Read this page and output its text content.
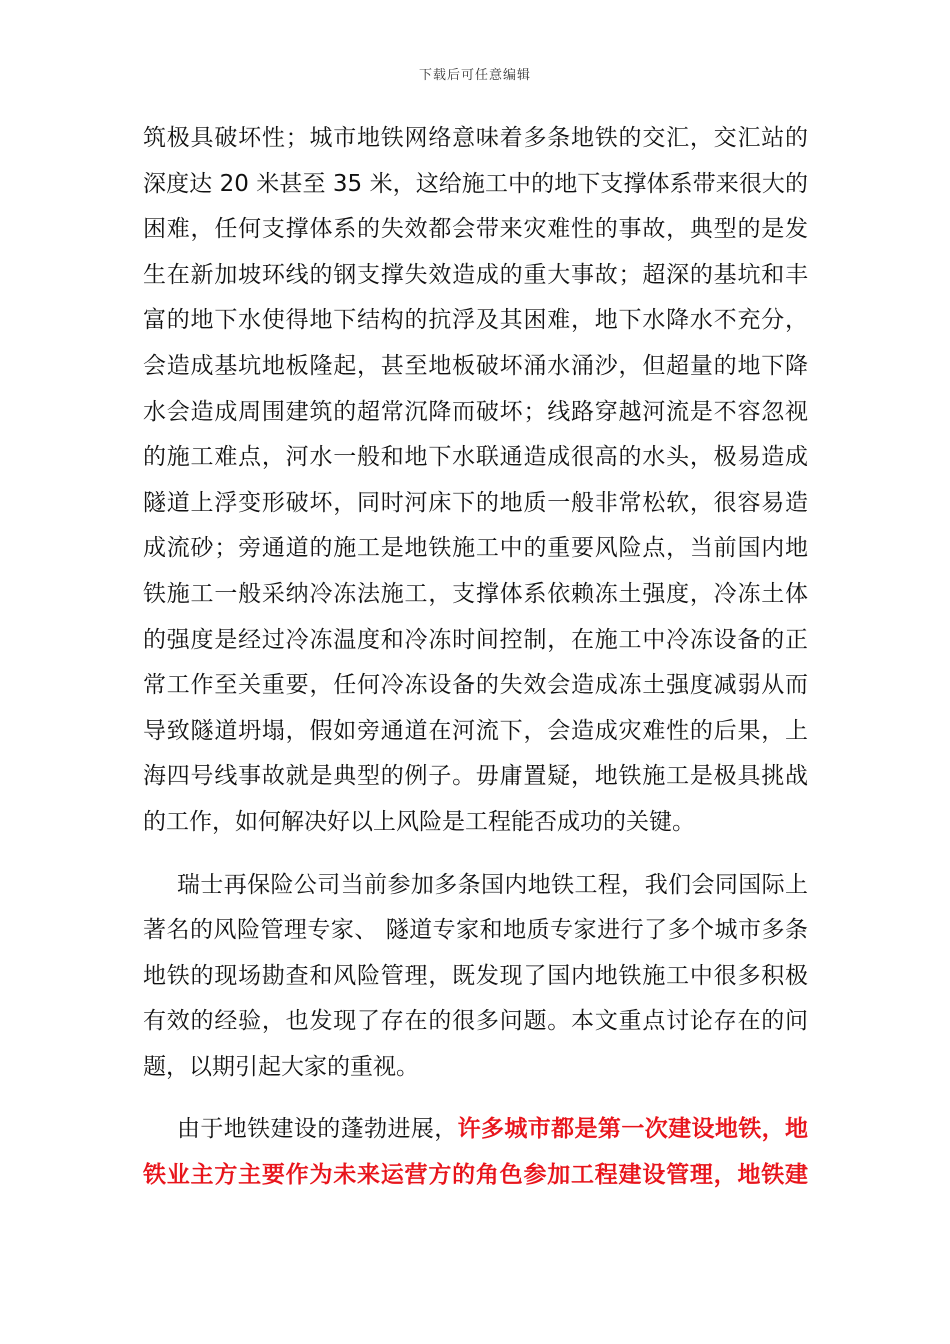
下载后可任意编辑
筑极具破坏性；城市地铁网络意味着多条地铁的交汇，交汇站的
深度达 20 米甚至 35 米，这给施工中的地下支撑体系带来很大的
困难，任何支撑体系的失效都会带来灾难性的事故，典型的是发
生在新加坡环线的钢支撑失效造成的重大事故；超深的基坑和丰
富的地下水使得地下结构的抗浮及其困难，地下水降水不充分，
会造成基坑地板隆起，甚至地板破坏涌水涌沙，但超量的地下降
水会造成周围建筑的超常沉降而破坏；线路穿越河流是不容忽视
的施工难点，河水一般和地下水联通造成很高的水头，极易造成
隧道上浮变形破坏，同时河床下的地质一般非常松软，很容易造
成流砂；旁通道的施工是地铁施工中的重要风险点，当前国内地
铁施工一般采纳冷冻法施工，支撑体系依赖冻土强度，冷冻土体
的强度是经过冷冻温度和冷冻时间控制，在施工中冷冻设备的正
常工作至关重要，任何冷冻设备的失效会造成冻土强度减弱从而
导致隧道坍塌，假如旁通道在河流下，会造成灾难性的后果，上
海四号线事故就是典型的例子。毋庸置疑，地铁施工是极具挑战
的工作，如何解决好以上风险是工程能否成功的关键。
瑞士再保险公司当前参加多条国内地铁工程，我们会同国际上
著名的风险管理专家、 隧道专家和地质专家进行了多个城市多条
地铁的现场勘查和风险管理，既发现了国内地铁施工中很多积极
有效的经验，也发现了存在的很多问题。本文重点讨论存在的问
题，以期引起大家的重视。
由于地铁建设的蓬勃进展，许多城市都是第一次建设地铁，地
铁业主方主要作为未来运营方的角色参加工程建设管理，地铁建
